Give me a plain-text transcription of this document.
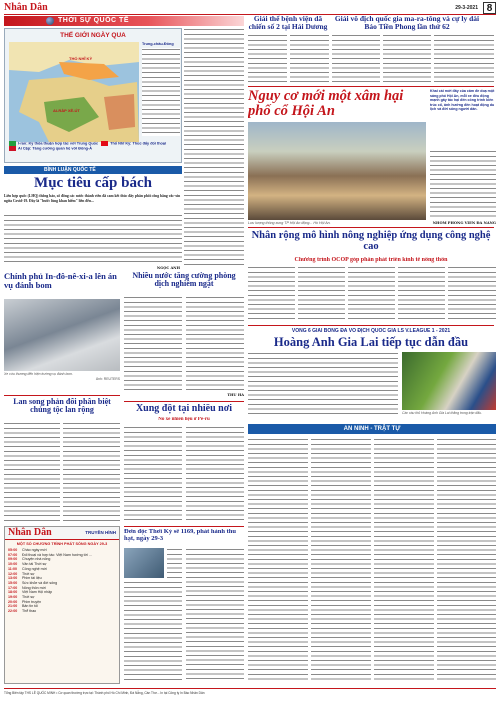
Nhân Dân	29-3-2021 8
THỜI SỰ QUỐC TẾ
THẾ GIỚI NGÀY QUA
THỔ NHĨ KỲ
AI-RẮP XÊ-ÚT
Trung-châu-Đông
I-ran: Ký thỏa thuận hợp tác với Trung Quốc	Thổ Nhĩ Kỳ: Thúc đẩy đối thoại
Ai Cập: Tàng cường quan hệ với Đông-Á
BÌNH LUẬN QUỐC TẾ
Mục tiêu cấp bách
Liên hợp quốc (LHQ) thông báo, số đông các nước thành viên đã cam kết thúc đẩy phân phối công bằng vắc-xin ngừa Covid-19. Đây là "bước lùng khan hiếm" liên đến...
NGỌC ANH
Giải thể bệnh viện dã chiến số 2 tại Hải Dương
Giải vô địch quốc gia ma-ra-tông và cự ly dài Báo Tiền Phong lần thứ 62
Nguy cơ mới một xâm hại phố cổ Hội An
Khai cái mới đây của cảm đe doạ một sáng phố Hội An, mỗi xe đều động mạnh gây tác hại đến công trình kiến trúc cổ, ảnh hưởng đến hoạt động du lịch và đời sống người dân.
Lưu lượng thông xung TP Hội An động... Hồ Hội An.	NHÓM PHÓNG VIÊN ĐÀ NẴNG
Nhân rộng mô hình nông nghiệp ứng dụng công nghệ cao
Chương trình OCOP góp phần phát triển kinh tế nông thôn
Chính phủ In-đô-nê-xi-a lên án vụ đánh bom
Xe cứu thương đến hiện trường vụ đánh bom.
Ảnh: REUTERS
Nhiều nước tăng cường phòng dịch nghiêm ngặt
THU HÀ
VÒNG 6 GIẢI BÓNG ĐÁ VÔ ĐỊCH QUỐC GIA LS V.LEAGUE 1 - 2021
Hoàng Anh Gia Lai tiếp tục dẫn đầu
Các cầu thủ Hoàng Anh Gia Lai thắng trong trận đấu.
Lan song phản đối phân biệt chủng tộc lan rộng	Xung đột tại nhiều nơi
Nổ xe nhiên liệu ở Pê-ru
AN NINH - TRẬT TỰ
Nhân Dân	TRUYỀN HÌNH
MỘT SỐ CHƯƠNG TRÌNH PHÁT SÓNG NGÀY 29-3
05:00 Chào ngày mới
07:00 Đối thoại và hợp tác: Việt Nam hướng tới ...
09:00 Chuyện nhà nông
10:00 Vân tài Thời sự
11:00 Công nghệ mới
12:00 Thời sự
13:00 Phim tài liệu
15:00 Sức khỏe và đời sống
17:00 Nông thôn mới
18:00 Việt Nam Hội nhập
19:00 Thời sự
20:00 Phim truyện
21:00 Bản tin tối
22:00 Thể thao
Đơn độc Thơi Kỳ sẽ 1169, phát hành thu hạt, ngày 29-3
Tổng Biên tập THS LÊ QUỐC MINH • Cơ quan thường trực tại: Thành phố Hồ Chí Minh, Đà Nẵng, Cần Thơ... In tại Công ty In Báo Nhân Dân
